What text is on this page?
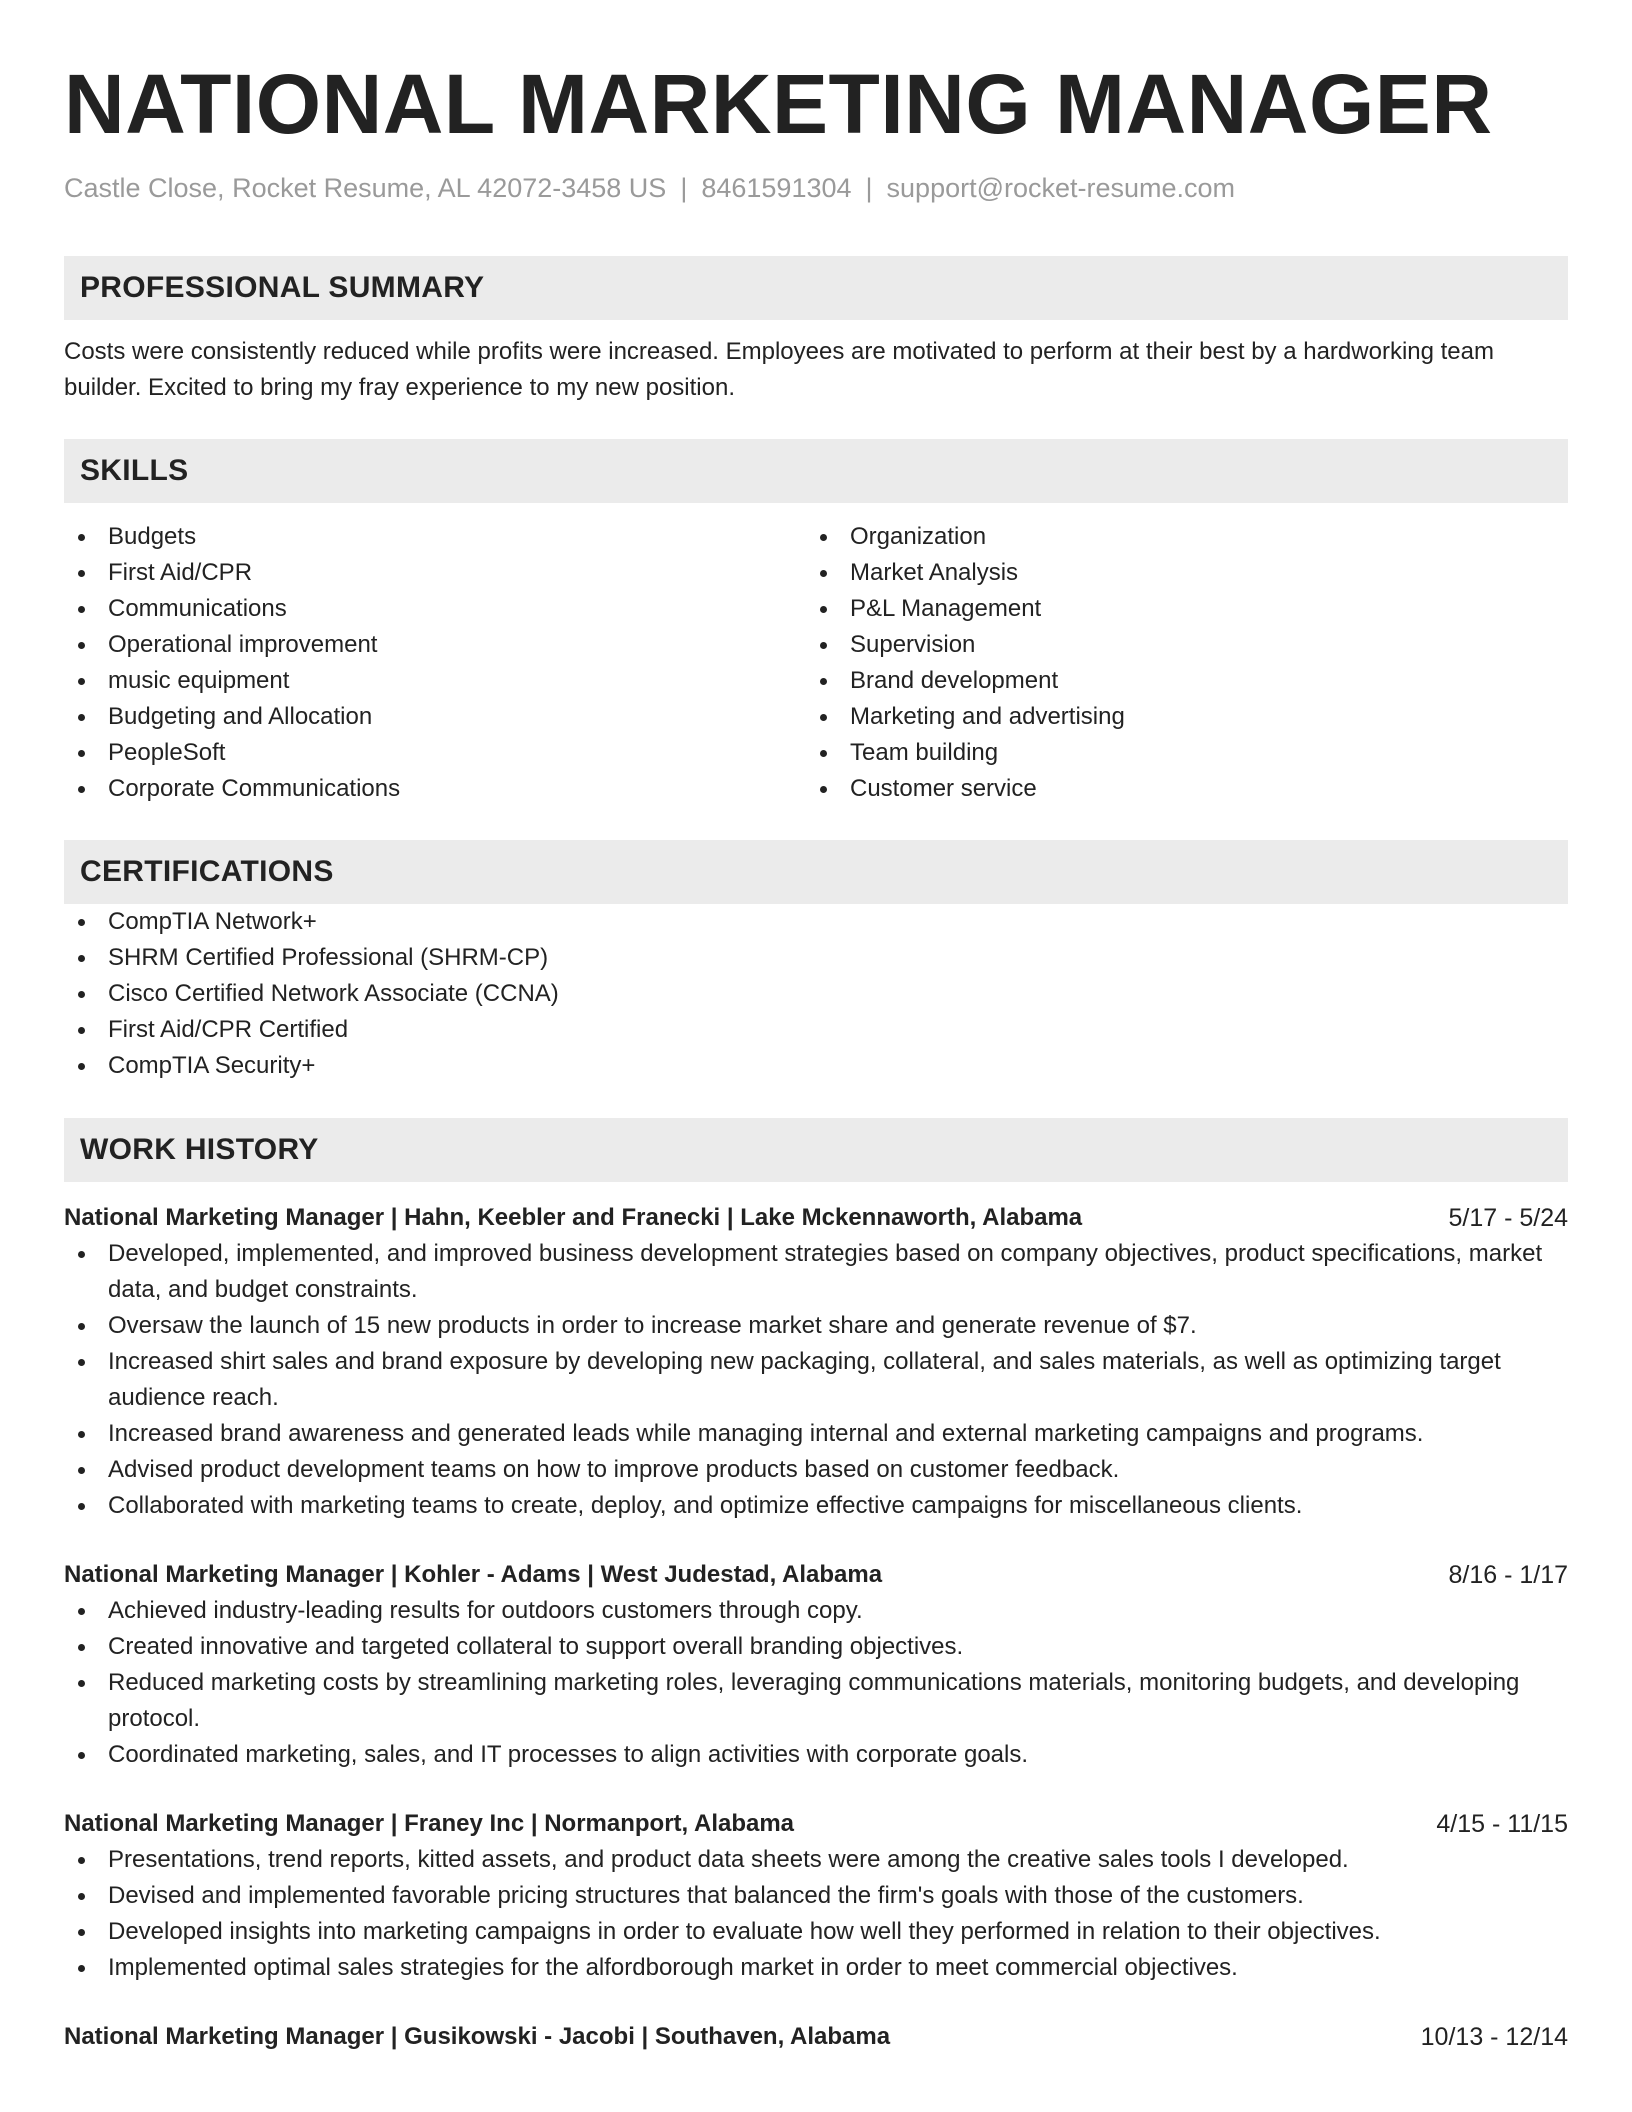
NATIONAL MARKETING MANAGER
Castle Close, Rocket Resume, AL 42072-3458 US | 8461591304 | support@rocket-resume.com
PROFESSIONAL SUMMARY
Costs were consistently reduced while profits were increased. Employees are motivated to perform at their best by a hardworking team builder. Excited to bring my fray experience to my new position.
SKILLS
Budgets
First Aid/CPR
Communications
Operational improvement
music equipment
Budgeting and Allocation
PeopleSoft
Corporate Communications
Organization
Market Analysis
P&L Management
Supervision
Brand development
Marketing and advertising
Team building
Customer service
CERTIFICATIONS
CompTIA Network+
SHRM Certified Professional (SHRM-CP)
Cisco Certified Network Associate (CCNA)
First Aid/CPR Certified
CompTIA Security+
WORK HISTORY
National Marketing Manager | Hahn, Keebler and Franecki | Lake Mckennaworth, Alabama	5/17 - 5/24
Developed, implemented, and improved business development strategies based on company objectives, product specifications, market data, and budget constraints.
Oversaw the launch of 15 new products in order to increase market share and generate revenue of $7.
Increased shirt sales and brand exposure by developing new packaging, collateral, and sales materials, as well as optimizing target audience reach.
Increased brand awareness and generated leads while managing internal and external marketing campaigns and programs.
Advised product development teams on how to improve products based on customer feedback.
Collaborated with marketing teams to create, deploy, and optimize effective campaigns for miscellaneous clients.
National Marketing Manager | Kohler - Adams | West Judestad, Alabama	8/16 - 1/17
Achieved industry-leading results for outdoors customers through copy.
Created innovative and targeted collateral to support overall branding objectives.
Reduced marketing costs by streamlining marketing roles, leveraging communications materials, monitoring budgets, and developing protocol.
Coordinated marketing, sales, and IT processes to align activities with corporate goals.
National Marketing Manager | Franey Inc | Normanport, Alabama	4/15 - 11/15
Presentations, trend reports, kitted assets, and product data sheets were among the creative sales tools I developed.
Devised and implemented favorable pricing structures that balanced the firm's goals with those of the customers.
Developed insights into marketing campaigns in order to evaluate how well they performed in relation to their objectives.
Implemented optimal sales strategies for the alfordborough market in order to meet commercial objectives.
National Marketing Manager | Gusikowski - Jacobi | Southaven, Alabama	10/13 - 12/14
